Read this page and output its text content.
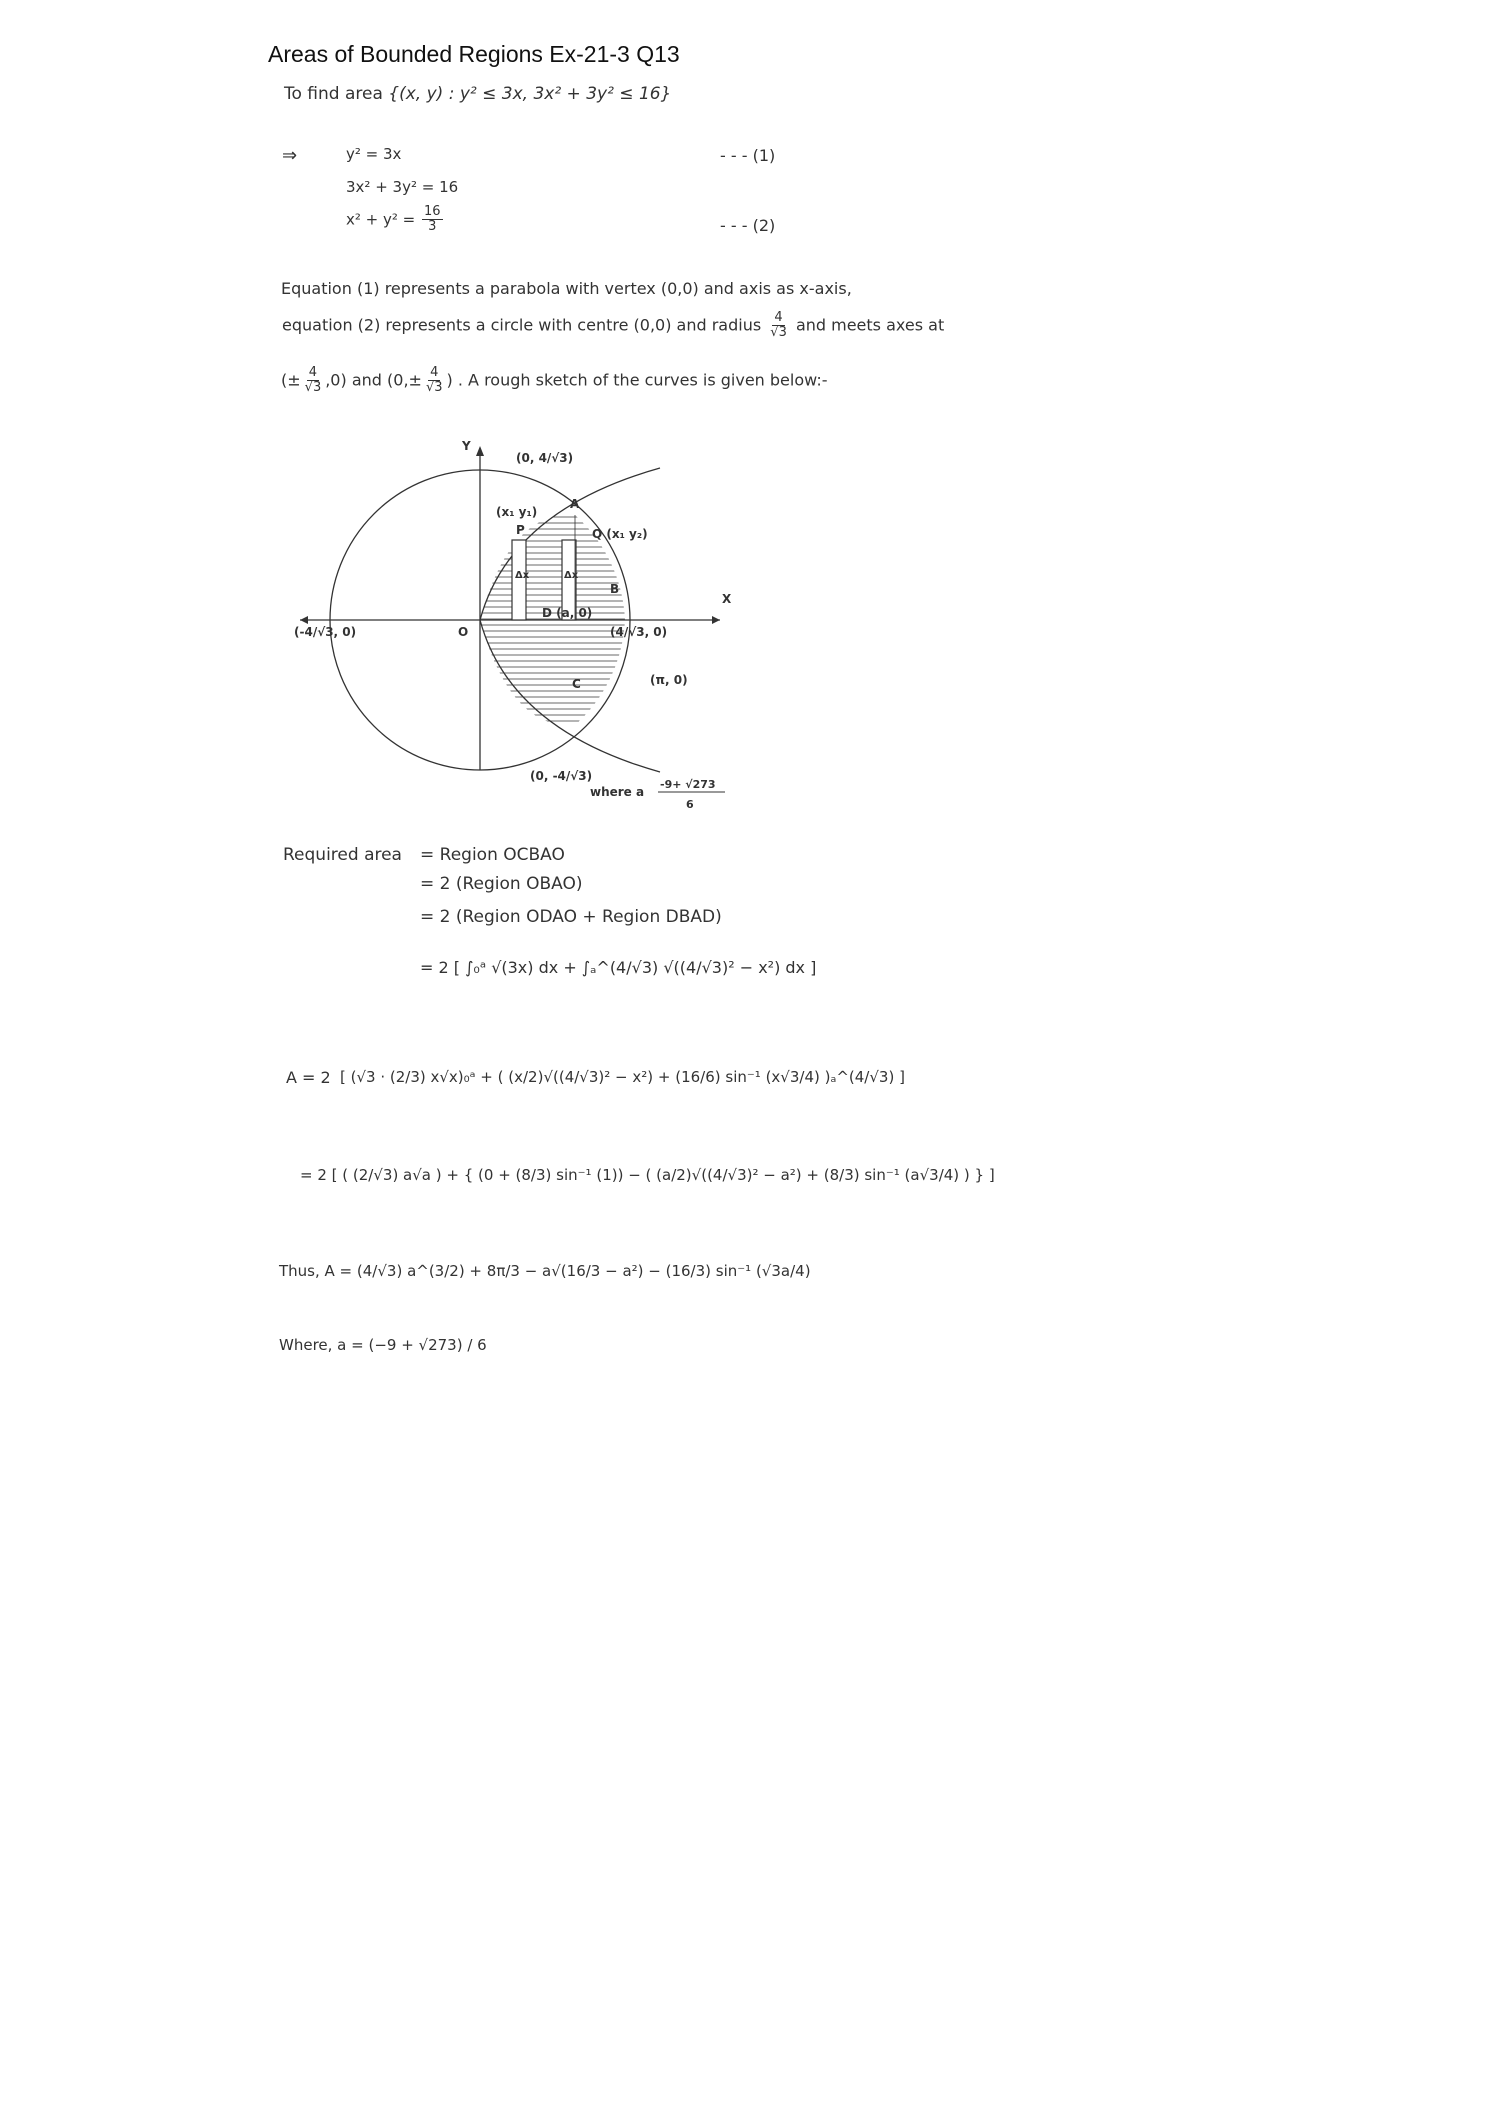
Areas of Bounded Regions Ex-21-3 Q13
To find area {(x, y) : y² ≤ 3x, 3x² + 3y² ≤ 16}
⇒	y² = 3x
3x² + 3y² = 16
$x^2 + y^2 = \frac{16}{3}$
- - - (1)
- - - (2)
Equation (1) represents a parabola with vertex (0,0) and axis as x-axis,
equation (2) represents a circle with centre (0,0) and radius $\frac{4}{√3}$ and meets axes at
(± $\frac{4}{√3} ,0$) and ($0,\pm \frac{4}{√3}$ ) . A rough sketch of the curves is given below:-
Y
X
O
A
B
C
P
(x₁ y₁)
Q (x₁ y₂)
D (a, 0)
(π, 0)
Δx	Δx
(0, 4/√3)
(0, -4/√3)
(4/√3, 0)
(-4/√3, 0)
where a
-9+ √273
6
Required area = Region OCBAO
= 2 (Region OBAO)
= 2 (Region ODAO + Region DBAD)
= 2 [ ∫₀ᵃ √(3x) dx + ∫ₐ^(4/√3) √((4/√3)² − x²) dx ]
A = 2 [ (√3 · (2/3) x√x)₀ᵃ + ( (x/2)√((4/√3)² − x²) + (16/6) sin⁻¹ (x√3/4) )ₐ^(4/√3) ]
= 2 [ ( (2/√3) a√a ) + { (0 + (8/3) sin⁻¹ (1)) − ( (a/2)√((4/√3)² − a²) + (8/3) sin⁻¹ (a√3/4) ) } ]
Thus, A = (4/√3) a^(3/2) + 8π/3 − a√(16/3 − a²) − (16/3) sin⁻¹ (√3a/4)
Where, a = (−9 + √273) / 6
